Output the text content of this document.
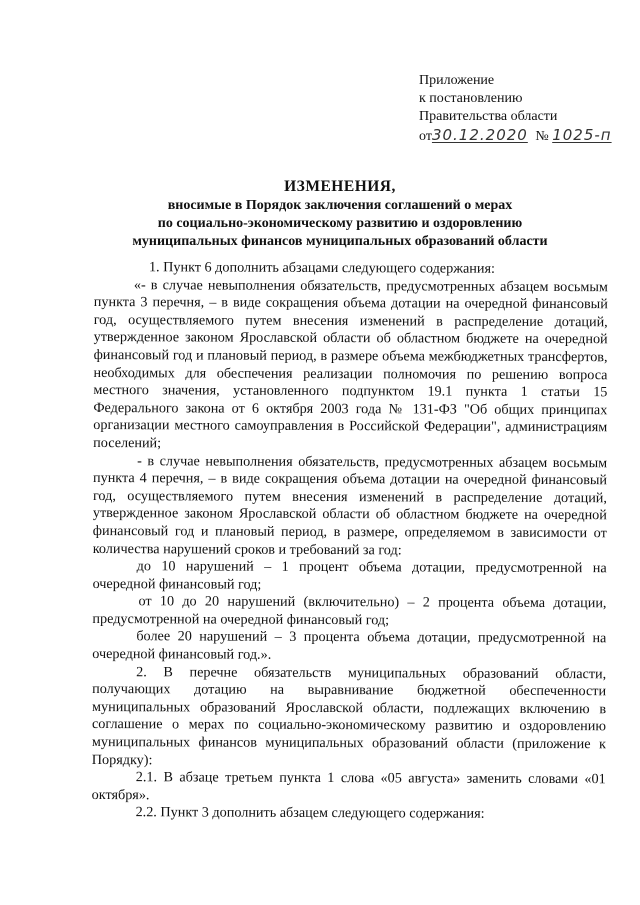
Приложение
к постановлению
Правительства области
от30.12.2020 № 1025-п
ИЗМЕНЕНИЯ,
вносимые в Порядок заключения соглашений о мерах
по социально-экономическому развитию и оздоровлению
муниципальных финансов муниципальных образований области

1. Пункт 6 дополнить абзацами следующего содержания:

«- в случае невыполнения обязательств, предусмотренных абзацем восьмым пункта 3 перечня, – в виде сокращения объема дотации на очередной финансовый год, осуществляемого путем внесения изменений в распределение дотаций, утвержденное законом Ярославской области об областном бюджете на очередной финансовый год и плановый период, в размере объема межбюджетных трансфертов, необходимых для обеспечения реализации полномочия по решению вопроса местного значения, установленного подпунктом 19.1 пункта 1 статьи 15 Федерального закона от 6 октября 2003 года № 131-ФЗ "Об общих принципах организации местного самоуправления в Российской Федерации", администрациям поселений;

- в случае невыполнения обязательств, предусмотренных абзацем восьмым пункта 4 перечня, – в виде сокращения объема дотации на очередной финансовый год, осуществляемого путем внесения изменений в распределение дотаций, утвержденное законом Ярославской области об областном бюджете на очередной финансовый год и плановый период, в размере, определяемом в зависимости от количества нарушений сроков и требований за год:

до 10 нарушений – 1 процент объема дотации, предусмотренной на очередной финансовый год;

от 10 до 20 нарушений (включительно) – 2 процента объема дотации, предусмотренной на очередной финансовый год;

более 20 нарушений – 3 процента объема дотации, предусмотренной на очередной финансовый год.».

2. В перечне обязательств муниципальных образований области, получающих дотацию на выравнивание бюджетной обеспеченности муниципальных образований Ярославской области, подлежащих включению в соглашение о мерах по социально-экономическому развитию и оздоровлению муниципальных финансов муниципальных образований области (приложение к Порядку):

2.1. В абзаце третьем пункта 1 слова «05 августа» заменить словами «01 октября».

2.2. Пункт 3 дополнить абзацем следующего содержания:
